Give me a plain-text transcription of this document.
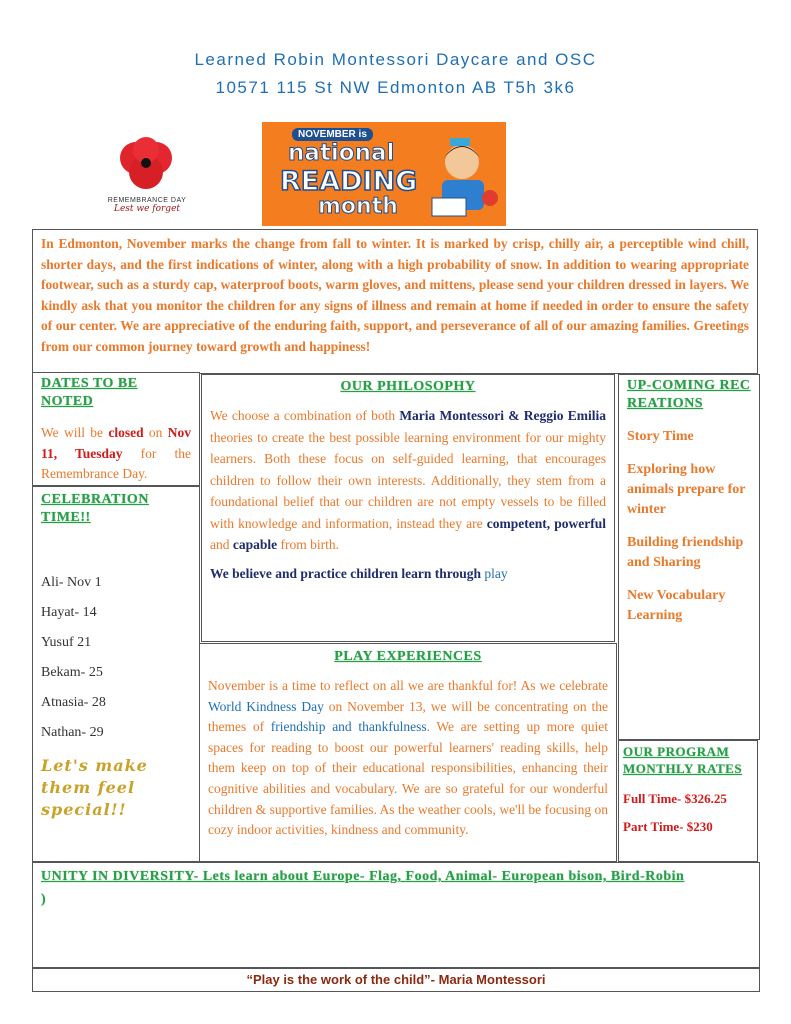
Learned Robin Montessori Daycare and OSC
10571 115 St NW Edmonton AB T5h 3k6
REMEMBRANCE DAY
Lest we forget
NOVEMBER is
national
READING
month

In Edmonton, November marks the change from fall to winter. It is marked by crisp, chilly air, a perceptible wind chill, shorter days, and the first indications of winter, along with a high probability of snow. In addition to wearing appropriate footwear, such as a sturdy cap, waterproof boots, warm gloves, and mittens, please send your children dressed in layers. We kindly ask that you monitor the children for any signs of illness and remain at home if needed in order to ensure the safety of our center. We are appreciative of the enduring faith, support, and perseverance of all of our amazing families. Greetings from our common journey toward growth and happiness!

DATES TO BE NOTED

We will be closed on Nov 11, Tuesday for the Remembrance Day.

CELEBRATION TIME!!
Ali- Nov 1
Hayat- 14
Yusuf 21
Bekam- 25
Atnasia- 28
Nathan- 29
Let's make them feel special!!
OUR PHILOSOPHY

We choose a combination of both Maria Montessori & Reggio Emilia theories to create the best possible learning environment for our mighty learners. Both these focus on self-guided learning, that encourages children to follow their own interests. Additionally, they stem from a foundational belief that our children are not empty vessels to be filled with knowledge and information, instead they are competent, powerful and capable from birth.

We believe and practice children learn through play

PLAY EXPERIENCES

November is a time to reflect on all we are thankful for! As we celebrate World Kindness Day on November 13, we will be concentrating on the themes of friendship and thankfulness. We are setting up more quiet spaces for reading to boost our powerful learners' reading skills, help them keep on top of their educational responsibilities, enhancing their cognitive abilities and vocabulary. We are so grateful for our wonderful children & supportive families. As the weather cools, we'll be focusing on cozy indoor activities, kindness and community.

UP-COMING RECREATIONS
Story Time
Exploring how animals prepare for winter
Building friendship and Sharing
New Vocabulary Learning
OUR PROGRAM MONTHLY RATES
Full Time- $326.25
Part Time- $230
UNITY IN DIVERSITY- Lets learn about Europe- Flag, Food, Animal- European bison, Bird-Robin
)
“Play is the work of the child”- Maria Montessori
